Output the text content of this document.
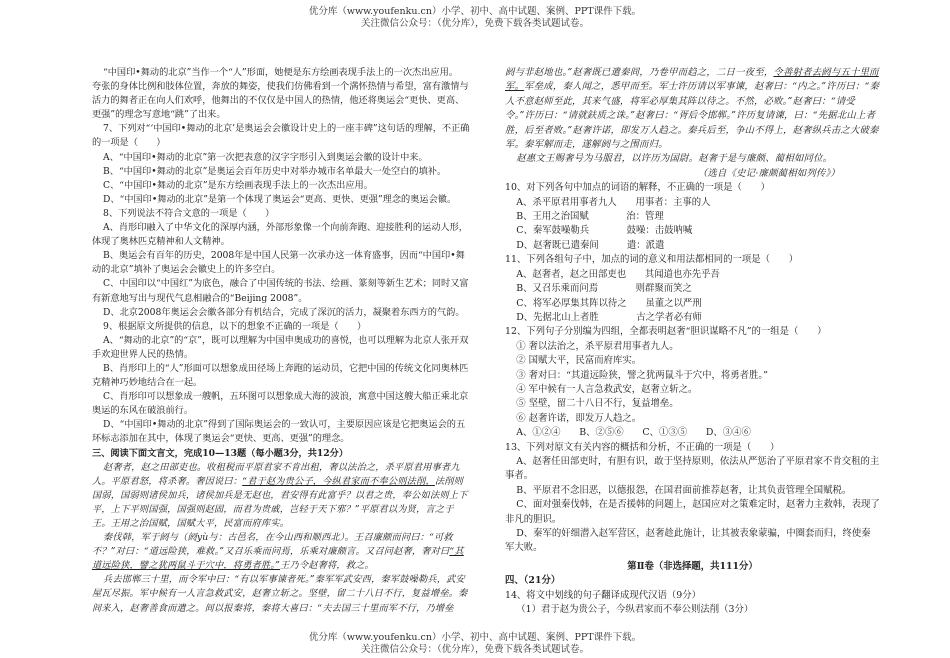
优分库（www.youfenku.cn）小学、初中、高中试题、案例、PPT课件下载。
关注微信公众号：（优分库），免费下载各类试题试卷。

“中国印•舞动的北京”当作一个“人”形面，她便是东方绘画表现手法上的一次杰出应用。

夸张的身体比例和肢体位置，奔放的舞姿，使我们仿佛看到一个满怀热情与希望，富有激情与活力的舞者正在向人们欢呼，他舞出的不仅仅是中国人的热情，他还将奥运会“更快、更高、更强”的理念写意地“跳”了出来。

7、下列对“‘中国印•舞动的北京’是奥运会会徽设计史上的一座丰碑”这句话的理解，不正确的一项是（　　）

A、“中国印•舞动的北京”第一次把表意的汉字字形引入到奥运会徽的设计中来。

B、“中国印•舞动的北京”是奥运会百年历史中对举办城市名单最大一处空白的填补。

C、“中国印•舞动的北京”是东方绘画表现手法上的一次杰出应用。

D、“中国印•舞动的北京”是第一个体现了奥运会“更高、更快、更强”理念的奥运会徽。

8、下列说法不符合文意的一项是（　　）

A、肖形印融入了中华文化的深厚内涵，外部形象像一个向前奔跑、迎接胜利的运动人形，体现了奥林匹克精神和人文精神。

B、奥运会有百年的历史，2008年是中国人民第一次承办这一体育盛事，因而“中国印•舞动的北京”填补了奥运会会徽史上的许多空白。

C、中国印以“中国红”为底色，融合了中国传统的书法、绘画、篆刻等新生艺术；同时又富有新意地写出与现代气息相融合的“Beijing 2008”。

D、北京2008年奥运会会徽各部分有机结合，完成了深沉的活力，凝聚着东西方的气韵。

9、根据原文所提供的信息，以下的想象不正确的一项是（　　）

A、“舞动的北京”的“京”，既可以理解为中国申奥成功的喜悦，也可以理解为北京人张开双手欢迎世界人民的热情。

B、肖形印上的“人”形面可以想象成田径场上奔跑的运动员，它把中国的传统文化同奥林匹克精神巧妙地结合在一起。

C、肖形印可以想象成一艘帆，五环图可以想象成大海的波浪，寓意中国这艘大船正乘北京奥运的东风在破浪前行。

D、“中国印•舞动的北京”得到了国际奥运会的一致认可，主要原因应该是它把奥运会的五环标志添加在其中，体现了奥运会“更快、更高、更强”的理念。

三、阅读下面文言文，完成10—13题（每小题3分，共12分）

赵奢者，赵之田部吏也。收租税而平原君家不肯出租，奢以法治之，杀平原君用事者九人。平原君怒，将杀奢。奢因说曰：“君于赵为贵公子，今纵君家而不奉公则法削，法削则国弱，国弱则诸侯加兵，诸侯加兵是无赵也，君安得有此富乎？以君之贵，奉公如法则上下平，上下平则国强，国强则赵固，而君为贵戚，岂轻于天下邪？”平原君以为贤，言之于王。王用之治国赋，国赋大平，民富而府库实。

秦伐韩，军于阏与（阏yù与：古邑名，在今山西和顺西北）。王召廉颇而问曰：“可救不？”对曰：“道远险狭，难救。”又召乐乘而问焉，乐乘对廉颇言。又召问赵奢，奢对曰“其道远险狭，譬之犹两鼠斗于穴中，将勇者胜。”王乃令赵奢将，救之。

兵去邯郸三十里，而令军中曰：“有以军事谏者死。”秦军军武安西，秦军鼓噪勒兵，武安屋瓦尽振。军中候有一人言急救武安，赵奢立斩之。坚壁，留二十八日不行，复益增垒。秦间来入，赵奢善食而遣之。间以报秦将，秦将大喜曰：“夫去国三十里而军不行，乃增垒

阏与非赵地也。”赵奢既已遣秦间，乃卷甲而趋之，二日一夜至，令善射者去阏与五十里而军。军垒成，秦人闻之，悉甲而至。军士许历请以军事谏，赵奢曰：“内之。”许历曰：“秦人不意赵师至此，其来气盛，将军必厚集其阵以待之。不然，必败。”赵奢曰：“请受令。”许历曰：“请就鈇质之诛。”赵奢曰：“胥后令邯郸。”许历复请谏，曰：“先据北山上者胜，后至者败。”赵奢许诺，即发万人趋之。秦兵后至，争山不得上，赵奢纵兵击之大破秦军。秦军解而走，遂解阏与之围而归。

赵惠文王赐奢号为马服君，以许历为国尉。赵奢于是与廉颇、蔺相如同位。

（选自《史记·廉颇蔺相如列传》）

10、对下列各句中加点的词语的解释，不正确的一项是（　　）

A、杀平原君用事者九人　　用事者：主事的人

B、王用之治国赋　　　　治：管理

C、秦军鼓噪勒兵　　　　鼓噪：击鼓呐喊

D、赵奢既已遣秦间　　　遣：派遣

11、下列各组句子中，加点的词的意义和用法都相同的一项是（　　）

A、赵奢者，赵之田部吏也　　其闻道也亦先乎吾

B、又召乐乘而问焉　　　　则群聚而笑之

C、将军必厚集其阵以待之　　虽董之以严刑

D、先据北山上者胜　　　　古之学者必有师

12、下列句子分别编为四组，全都表明赵奢“胆识谋略不凡”的一组是（　　）

① 奢以法治之，杀平原君用事者九人。

② 国赋大平，民富而府库实。

③ 奢对曰：“其道远险狭，譬之犹两鼠斗于穴中，将勇者胜。”

④ 军中候有一人言急救武安，赵奢立斩之。

⑤ 坚壁，留二十八日不行，复益增垒。

⑥ 赵奢许诺，即发万人趋之。

A、①②④　　B、②⑤⑥　　C、①③⑤　　D、③④⑥

13、下列对原文有关内容的概括和分析，不正确的一项是（　　）

A、赵奢任田部吏时，有胆有识，敢于坚持原则，依法从严惩治了平原君家不肯交租的主事者。

B、平原君不念旧恶，以德报怨，在国君面前推荐赵奢，让其负责管理全国赋税。

C、面对强秦伐韩，在是否援韩的问题上，赵国应对之策难定时，赵奢力主救韩，表现了非凡的胆识。

D、秦军的奸细潜入赵军营区，赵奢趁此施计，让其被表象蒙骗，中圈套而归，终使秦军大败。

第Ⅱ卷（非选择题，共111分）

四、（21分）

14、将文中划线的句子翻译成现代汉语（9分）

（1）君于赵为贵公子，今纵君家而不奉公则法削（3分）

优分库（www.youfenku.cn）小学、初中、高中试题、案例、PPT课件下载。
关注微信公众号：（优分库），免费下载各类试题试卷。
